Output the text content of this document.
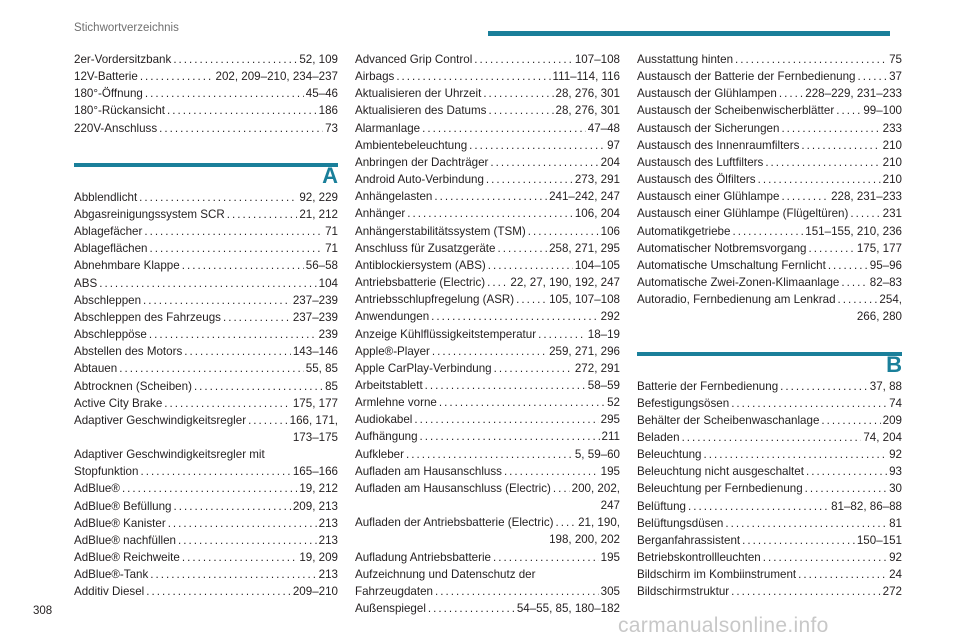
Stichwortverzeichnis
2er-Vordersitzbank . . .	52, 109
12V-Batterie . . .	202, 209–210, 234–237
180°-Öffnung . . .	45–46
180°-Rückansicht . . .	186
220V-Anschluss . . .	73
A
Abblendlicht . . .	92, 229
Abgasreinigungssystem SCR . . .	21, 212
Ablagefächer . . .	71
Ablageflächen . . .	71
Abnehmbare Klappe . . .	56–58
ABS . . .	104
Abschleppen . . .	237–239
Abschleppen des Fahrzeugs . . .	237–239
Abschleppöse . . .	239
Abstellen des Motors . . .	143–146
Abtauen . . .	55, 85
Abtrocknen (Scheiben) . . .	85
Active City Brake . . .	175, 177
Adaptiver Geschwindigkeitsregler . . .	166, 171,
173–175
Adaptiver Geschwindigkeitsregler mit
Stopfunktion . . .	165–166
AdBlue® . . .	19, 212
AdBlue® Befüllung . . .	209, 213
AdBlue® Kanister . . .	213
AdBlue® nachfüllen . . .	213
AdBlue® Reichweite . . .	19, 209
AdBlue®-Tank . . .	213
Additiv Diesel . . .	209–210
Advanced Grip Control . . .	107–108
Airbags . . .	111–114, 116
Aktualisieren der Uhrzeit . . .	28, 276, 301
Aktualisieren des Datums . . .	28, 276, 301
Alarmanlage . . .	47–48
Ambientebeleuchtung . . .	97
Anbringen der Dachträger . . .	204
Android Auto-Verbindung . . .	273, 291
Anhängelasten . . .	241–242, 247
Anhänger . . .	106, 204
Anhängerstabilitätssystem (TSM) . . .	106
Anschluss für Zusatzgeräte . . .	258, 271, 295
Antiblockiersystem (ABS) . . .	104–105
Antriebsbatterie (Electric) . . . 22, 27, 190, 192, 247
Antriebsschlupfregelung (ASR) . . .	105, 107–108
Anwendungen . . .	292
Anzeige Kühlflüssigkeitstemperatur . . .	18–19
Apple®-Player . . .	259, 271, 296
Apple CarPlay-Verbindung . . .	272, 291
Arbeitstablett . . .	58–59
Armlehne vorne . . .	52
Audiokabel . . .	295
Aufhängung . . .	211
Aufkleber . . .	5, 59–60
Aufladen am Hausanschluss . . .	195
Aufladen am Hausanschluss (Electric) . . . 200, 202,
247
Aufladen der Antriebsbatterie (Electric) . . . 21, 190,
198, 200, 202
Aufladung Antriebsbatterie . . .	195
Aufzeichnung und Datenschutz der
Fahrzeugdaten . . .	305
Außenspiegel . . .	54–55, 85, 180–182
Ausstattung hinten . . .	75
Austausch der Batterie der Fernbedienung . . .	37
Austausch der Glühlampen . . . 228–229, 231–233
Austausch der Scheibenwischerblätter . . .	99–100
Austausch der Sicherungen . . .	233
Austausch des Innenraumfilters . . .	210
Austausch des Luftfilters . . .	210
Austausch des Ölfilters . . .	210
Austausch einer Glühlampe . . .	228, 231–233
Austausch einer Glühlampe (Flügeltüren) . . .	231
Automatikgetriebe . . .	151–155, 210, 236
Automatischer Notbremsvorgang . . .	175, 177
Automatische Umschaltung Fernlicht . . .	95–96
Automatische Zwei-Zonen-Klimaanlage . . .	82–83
Autoradio, Fernbedienung am Lenkrad . . .	254,
266, 280
B
Batterie der Fernbedienung . . .	37, 88
Befestigungsösen . . .	74
Behälter der Scheibenwaschanlage . . .	209
Beladen . . .	74, 204
Beleuchtung . . .	92
Beleuchtung nicht ausgeschaltet . . .	93
Beleuchtung per Fernbedienung . . .	30
Belüftung . . .	81–82, 86–88
Belüftungsdüsen . . .	81
Berganfahrassistent . . .	150–151
Betriebskontrollleuchten . . .	92
Bildschirm im Kombiinstrument . . .	24
Bildschirmstruktur . . .	272
308
carmanualsonline.info
